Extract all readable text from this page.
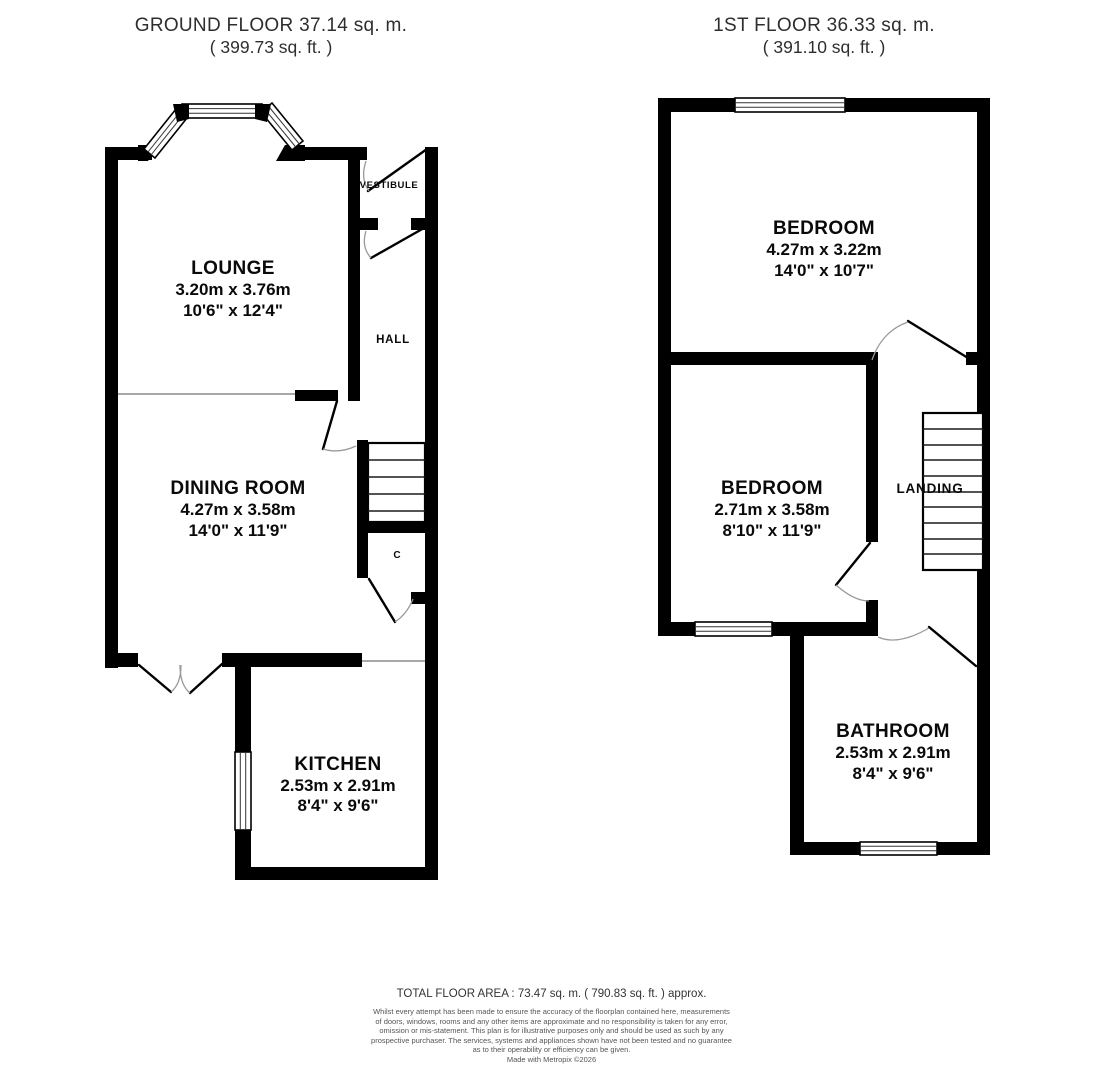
GROUND FLOOR 37.14 sq. m.
( 399.73 sq. ft. )
1ST FLOOR 36.33 sq. m.
( 391.10 sq. ft. )
LOUNGE
3.20m x 3.76m
10'6" x 12'4"
DINING ROOM
4.27m x 3.58m
14'0" x 11'9"
KITCHEN
2.53m x 2.91m
8'4" x 9'6"
VESTIBULE
HALL
C
BEDROOM
4.27m x 3.22m
14'0" x 10'7"
BEDROOM
2.71m x 3.58m
8'10" x 11'9"
LANDING
BATHROOM
2.53m x 2.91m
8'4" x 9'6"
TOTAL FLOOR AREA : 73.47 sq. m. ( 790.83 sq. ft. ) approx.
Whilst every attempt has been made to ensure the accuracy of the floorplan contained here, measurements
of doors, windows, rooms and any other items are approximate and no responsibility is taken for any error,
omission or mis-statement. This plan is for illustrative purposes only and should be used as such by any
prospective purchaser. The services, systems and appliances shown have not been tested and no guarantee
as to their operability or efficiency can be given.
Made with Metropix ©2026
